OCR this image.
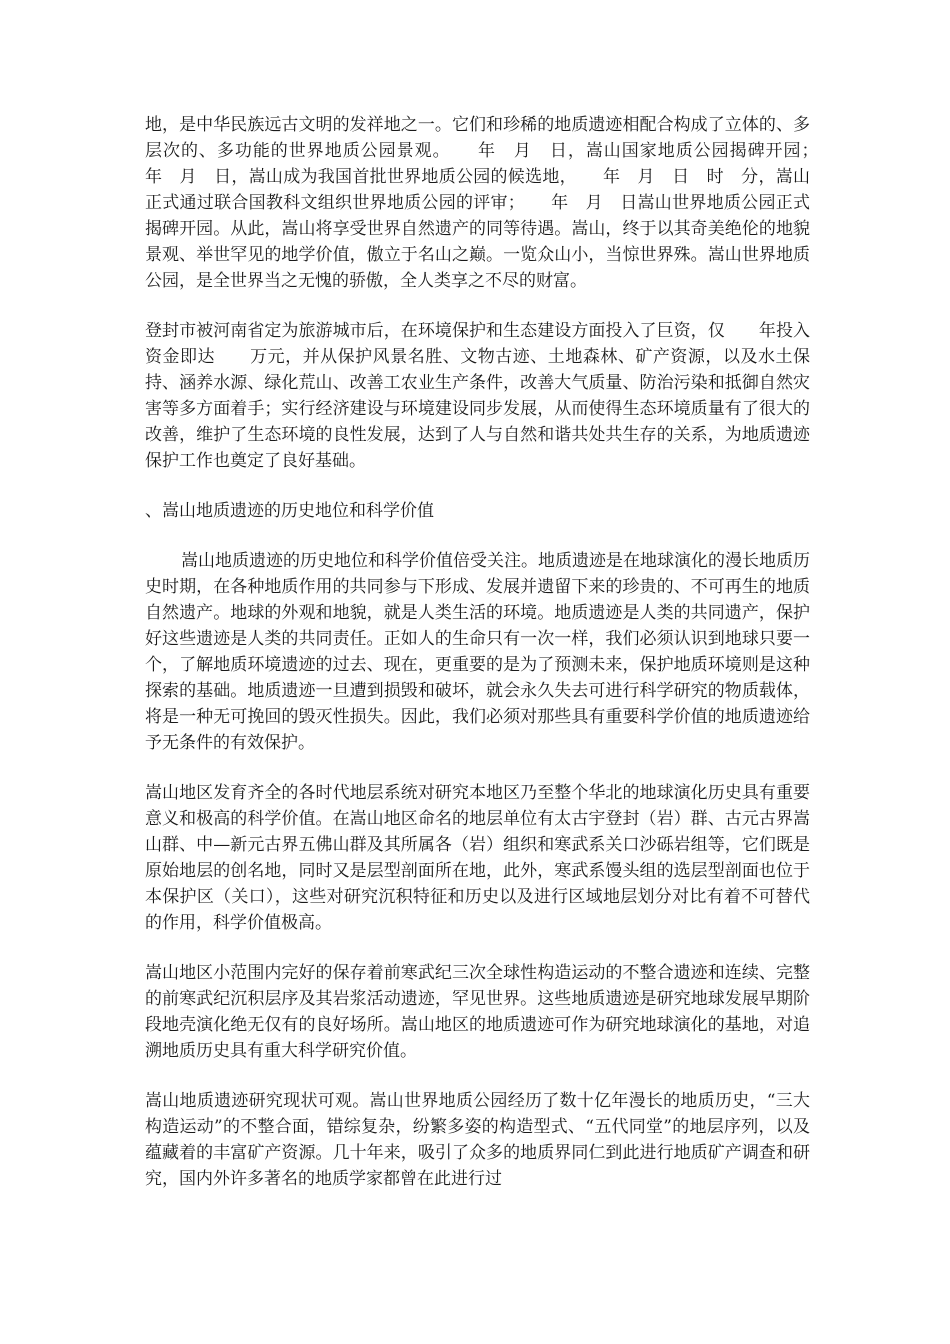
地，是中华民族远古文明的发祥地之一。它们和珍稀的地质遗迹相配合构成了立体的、多层次的、多功能的世界地质公园景观。　　年　月　日，嵩山国家地质公园揭碑开园；　　年　月　日，嵩山成为我国首批世界地质公园的候选地，　　年　月　日　时　分，嵩山正式通过联合国教科文组织世界地质公园的评审；　　年　月　日嵩山世界地质公园正式揭碑开园。从此，嵩山将享受世界自然遗产的同等待遇。嵩山，终于以其奇美绝伦的地貌景观、举世罕见的地学价值，傲立于名山之巅。一览众山小，当惊世界殊。嵩山世界地质公园，是全世界当之无愧的骄傲，全人类享之不尽的财富。

登封市被河南省定为旅游城市后，在环境保护和生态建设方面投入了巨资，仅　　年投入资金即达　　万元，并从保护风景名胜、文物古迹、土地森林、矿产资源，以及水土保持、涵养水源、绿化荒山、改善工农业生产条件，改善大气质量、防治污染和抵御自然灾害等多方面着手；实行经济建设与环境建设同步发展，从而使得生态环境质量有了很大的改善，维护了生态环境的良性发展，达到了人与自然和谐共处共生存的关系，为地质遗迹保护工作也奠定了良好基础。

、嵩山地质遗迹的历史地位和科学价值

嵩山地质遗迹的历史地位和科学价值倍受关注。地质遗迹是在地球演化的漫长地质历史时期，在各种地质作用的共同参与下形成、发展并遗留下来的珍贵的、不可再生的地质自然遗产。地球的外观和地貌，就是人类生活的环境。地质遗迹是人类的共同遗产，保护好这些遗迹是人类的共同责任。正如人的生命只有一次一样，我们必须认识到地球只要一个，了解地质环境遗迹的过去、现在，更重要的是为了预测未来，保护地质环境则是这种探索的基础。地质遗迹一旦遭到损毁和破坏，就会永久失去可进行科学研究的物质载体，将是一种无可挽回的毁灭性损失。因此，我们必须对那些具有重要科学价值的地质遗迹给予无条件的有效保护。

嵩山地区发育齐全的各时代地层系统对研究本地区乃至整个华北的地球演化历史具有重要意义和极高的科学价值。在嵩山地区命名的地层单位有太古宇登封（岩）群、古元古界嵩山群、中—新元古界五佛山群及其所属各（岩）组织和寒武系关口沙砾岩组等，它们既是原始地层的创名地，同时又是层型剖面所在地，此外，寒武系馒头组的选层型剖面也位于本保护区（关口），这些对研究沉积特征和历史以及进行区域地层划分对比有着不可替代的作用，科学价值极高。

嵩山地区小范围内完好的保存着前寒武纪三次全球性构造运动的不整合遗迹和连续、完整的前寒武纪沉积层序及其岩浆活动遗迹，罕见世界。这些地质遗迹是研究地球发展早期阶段地壳演化绝无仅有的良好场所。嵩山地区的地质遗迹可作为研究地球演化的基地，对追溯地质历史具有重大科学研究价值。

嵩山地质遗迹研究现状可观。嵩山世界地质公园经历了数十亿年漫长的地质历史，“三大构造运动”的不整合面，错综复杂，纷繁多姿的构造型式、“五代同堂”的地层序列，以及蕴藏着的丰富矿产资源。几十年来，吸引了众多的地质界同仁到此进行地质矿产调查和研究，国内外许多著名的地质学家都曾在此进行过
